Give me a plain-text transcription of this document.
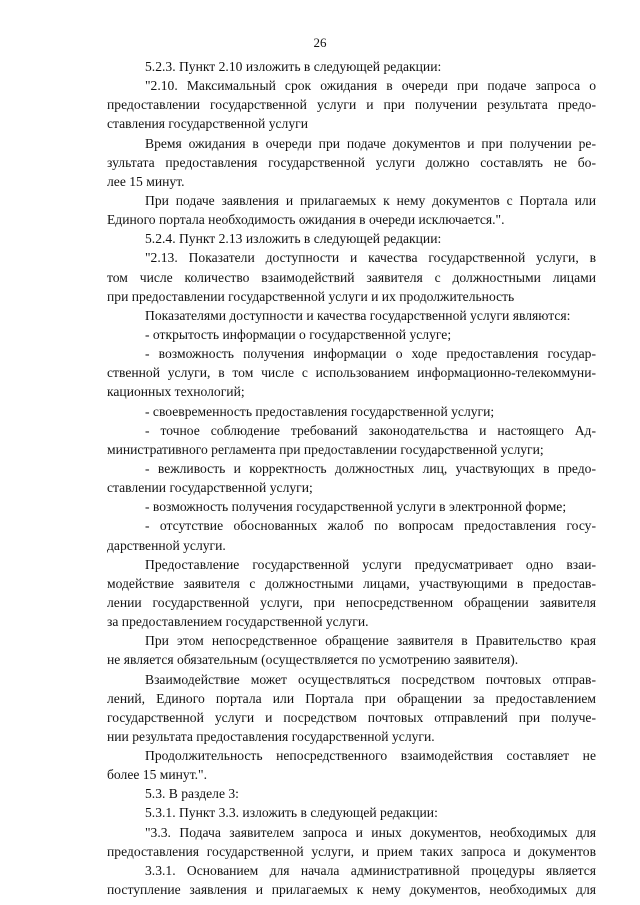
26
5.2.3. Пункт 2.10 изложить в следующей редакции:
"2.10. Максимальный срок ожидания в очереди при подаче запроса о
предоставлении государственной услуги и при получении результата предо-
ставления государственной услуги
Время ожидания в очереди при подаче документов и при получении ре-
зультата предоставления государственной услуги должно составлять не бо-
лее 15 минут.
При подаче заявления и прилагаемых к нему документов с Портала или
Единого портала необходимость ожидания в очереди исключается.".
5.2.4. Пункт 2.13 изложить в следующей редакции:
"2.13. Показатели доступности и качества государственной услуги, в
том числе количество взаимодействий заявителя с должностными лицами
при предоставлении государственной услуги и их продолжительность
Показателями доступности и качества государственной услуги являются:
- открытость информации о государственной услуге;
- возможность получения информации о ходе предоставления государ-
ственной услуги, в том числе с использованием информационно-телекоммуни-
кационных технологий;
- своевременность предоставления государственной услуги;
- точное соблюдение требований законодательства и настоящего Ад-
министративного регламента при предоставлении государственной услуги;
- вежливость и корректность должностных лиц, участвующих в предо-
ставлении государственной услуги;
- возможность получения государственной услуги в электронной форме;
- отсутствие обоснованных жалоб по вопросам предоставления госу-
дарственной услуги.
Предоставление государственной услуги предусматривает одно взаи-
модействие заявителя с должностными лицами, участвующими в предостав-
лении государственной услуги, при непосредственном обращении заявителя
за предоставлением государственной услуги.
При этом непосредственное обращение заявителя в Правительство края
не является обязательным (осуществляется по усмотрению заявителя).
Взаимодействие может осуществляться посредством почтовых отправ-
лений, Единого портала или Портала при обращении за предоставлением
государственной услуги и посредством почтовых отправлений при получе-
нии результата предоставления государственной услуги.
Продолжительность непосредственного взаимодействия составляет не
более 15 минут.".
5.3. В разделе 3:
5.3.1. Пункт 3.3. изложить в следующей редакции:
"3.3. Подача заявителем запроса и иных документов, необходимых для
предоставления государственной услуги, и прием таких запроса и документов
3.3.1. Основанием для начала административной процедуры является
поступление заявления и прилагаемых к нему документов, необходимых для
